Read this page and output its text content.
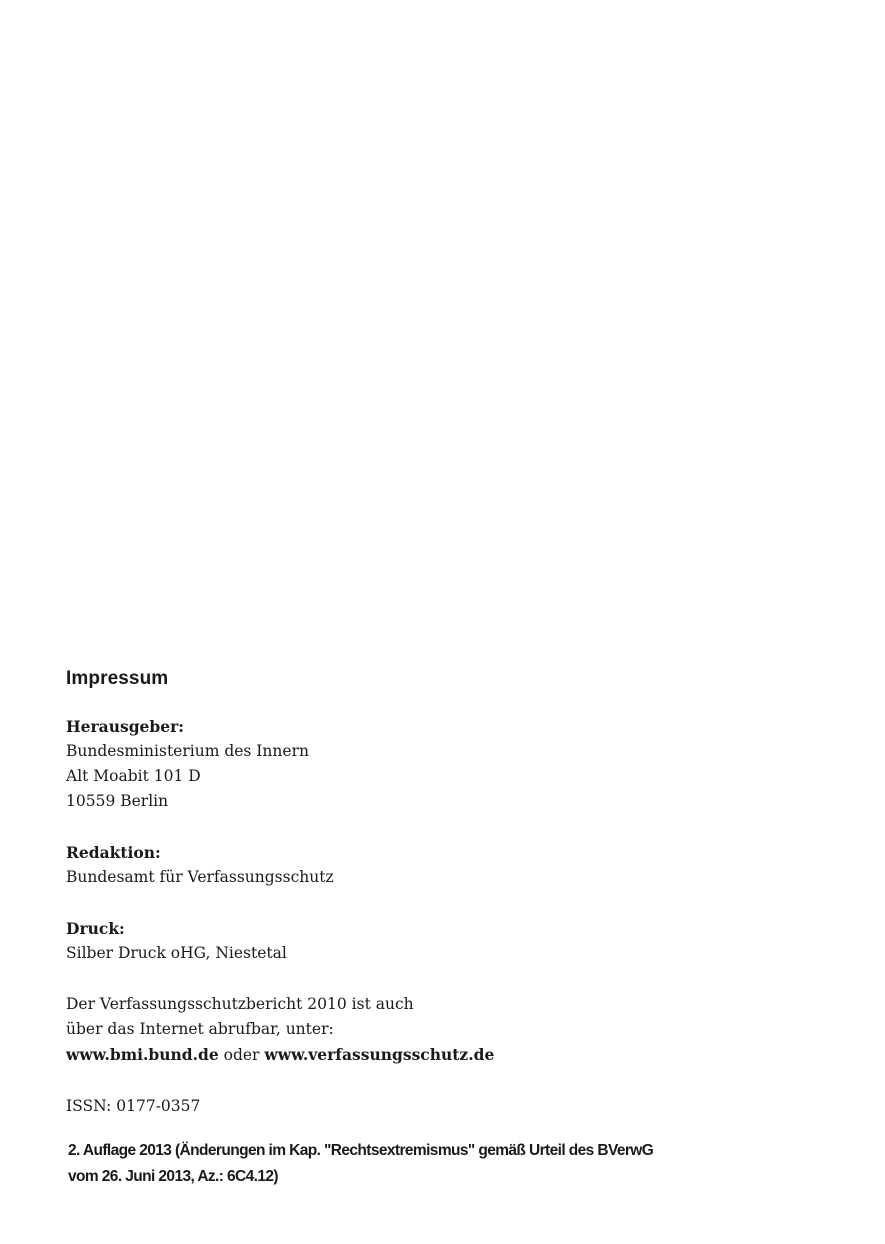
Impressum
Herausgeber:
Bundesministerium des Innern
Alt Moabit 101 D
10559 Berlin
Redaktion:
Bundesamt für Verfassungsschutz
Druck:
Silber Druck oHG, Niestetal
Der Verfassungsschutzbericht 2010 ist auch
über das Internet abrufbar, unter:
www.bmi.bund.de oder www.verfassungsschutz.de
ISSN: 0177-0357
2. Auflage 2013 (Änderungen im Kap. "Rechtsextremismus" gemäß Urteil des BVerwG
vom 26. Juni 2013, Az.: 6C4.12)
